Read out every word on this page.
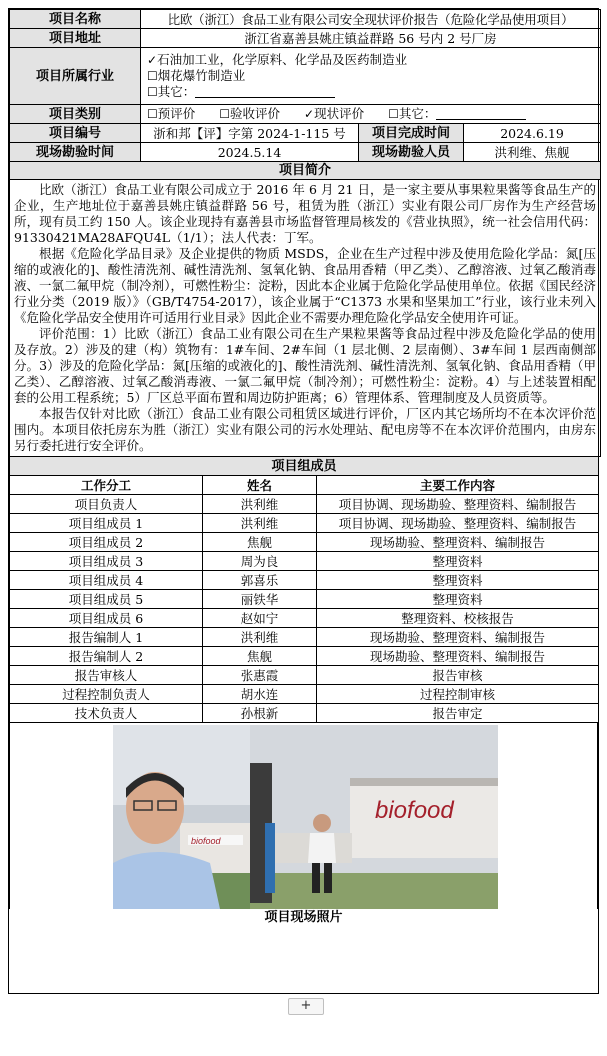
项目名称	比欧（浙江）食品工业有限公司安全现状评价报告（危险化学品使用项目）		
项目地址	浙江省嘉善县姚庄镇益群路 56 号内 2 号厂房		
项目所属行业	✓石油加工业，化学原料、化学品及医药制造业
☐烟花爆竹制造业
☐其它：		

项目类别	☐预评价 ☐验收评价 ✓现状评价 ☐其它：		
项目编号	浙和邦【评】字第 2024-1-115 号	项目完成时间	2024.6.19
现场勘验时间	2024.5.14	现场勘验人员	洪利维、焦舰
项目简介			

比欧（浙江）食品工业有限公司成立于 2016 年 6 月 21 日，是一家主要从事果粒果酱等食品生产的企业，生产地址位于嘉善县姚庄镇益群路 56 号，租赁为胜（浙江）实业有限公司厂房作为生产经营场所，现有员工约 150 人。该企业现持有嘉善县市场监督管理局核发的《营业执照》，统一社会信用代码：91330421MA28AFQU4L（1/1）；法人代表：丁军。

根据《危险化学品目录》及企业提供的物质 MSDS，企业在生产过程中涉及使用危险化学品：氮[压缩的或液化的]、酸性清洗剂、碱性清洗剂、氢氧化钠、食品用香精（甲乙类）、乙醇溶液、过氧乙酸消毒液、一氯二氟甲烷（制冷剂），可燃性粉尘：淀粉，因此本企业属于危险化学品使用单位。依据《国民经济行业分类（2019 版）》（GB/T4754-2017），该企业属于“C1373 水果和坚果加工”行业，该行业未列入《危险化学品安全使用许可适用行业目录》因此企业不需要办理危险化学品安全使用许可证。

评价范围：1）比欧（浙江）食品工业有限公司在生产果粒果酱等食品过程中涉及危险化学品的使用及存放。2）涉及的建（构）筑物有：1#车间、2#车间（1 层北侧、2 层南侧）、3#车间 1 层西南侧部分。3）涉及的危险化学品：氮[压缩的或液化的]、酸性清洗剂、碱性清洗剂、氢氧化钠、食品用香精（甲乙类）、乙醇溶液、过氧乙酸消毒液、一氯二氟甲烷（制冷剂）；可燃性粉尘：淀粉。4）与上述装置相配套的公用工程系统；5）厂区总平面布置和周边防护距离；6）管理体系、管理制度及人员资质等。

本报告仅针对比欧（浙江）食品工业有限公司租赁区域进行评价，厂区内其它场所均不在本次评价范围内。本项目依托房东为胜（浙江）实业有限公司的污水处理站、配电房等不在本次评价范围内，由房东另行委托进行安全评价。			

项目组成员		
工作分工	姓名	主要工作内容
项目负责人	洪利维	项目协调、现场勘验、整理资料、编制报告
项目组成员 1	洪利维	项目协调、现场勘验、整理资料、编制报告
项目组成员 2	焦舰	现场勘验、整理资料、编制报告
项目组成员 3	周为良	整理资料
项目组成员 4	郭喜乐	整理资料
项目组成员 5	丽铁华	整理资料
项目组成员 6	赵如宁	整理资料、校核报告
报告编制人 1	洪利维	现场勘验、整理资料、编制报告
报告编制人 2	焦舰	现场勘验、整理资料、编制报告
报告审核人	张惠霞	报告审核
过程控制负责人	胡水连	过程控制审核
技术负责人	孙根新	报告审定
biofood
biofood
项目现场照片
+
